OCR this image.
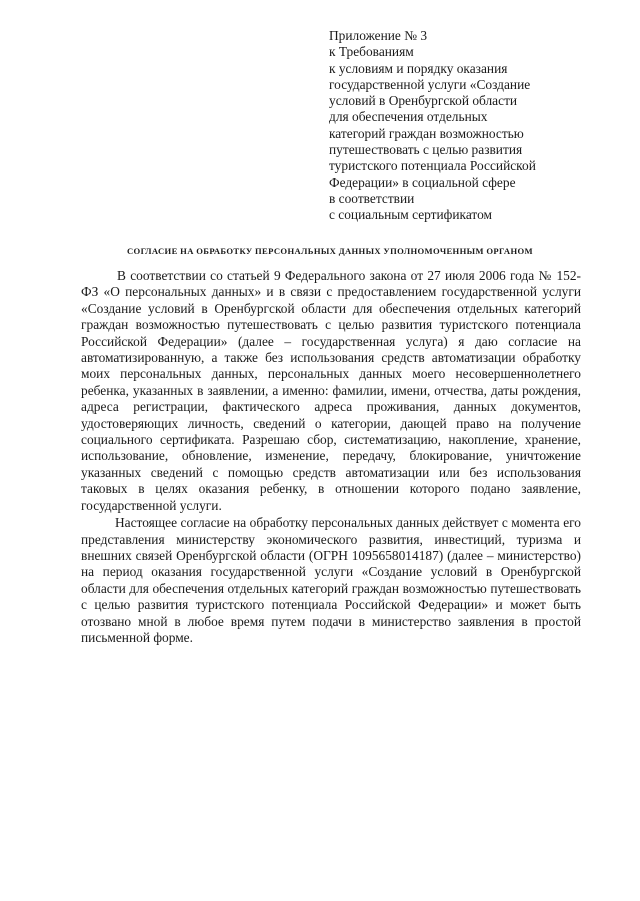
Приложение № 3
к Требованиям
к условиям и порядку оказания
государственной услуги «Создание
условий в Оренбургской области
для обеспечения отдельных
категорий граждан возможностью
путешествовать с целью развития
туристского потенциала Российской
Федерации» в социальной сфере
в соответствии
с социальным сертификатом
СОГЛАСИЕ НА ОБРАБОТКУ ПЕРСОНАЛЬНЫХ ДАННЫХ УПОЛНОМОЧЕННЫМ ОРГАНОМ

В соответствии со статьей 9 Федерального закона от 27 июля 2006 года № 152-ФЗ «О персональных данных» и в связи с предоставлением государственной услуги «Создание условий в Оренбургской области для обеспечения отдельных категорий граждан возможностью путешествовать с целью развития туристского потенциала Российской Федерации» (далее – государственная услуга) я даю согласие на автоматизированную, а также без использования средств автоматизации обработку моих персональных данных, персональных данных моего несовершеннолетнего ребенка, указанных в заявлении, а именно: фамилии, имени, отчества, даты рождения, адреса регистрации, фактического адреса проживания, данных документов, удостоверяющих личность, сведений о категории, дающей право на получение социального сертификата. Разрешаю сбор, систематизацию, накопление, хранение, использование, обновление, изменение, передачу, блокирование, уничтожение указанных сведений с помощью средств автоматизации или без использования таковых в целях оказания ребенку, в отношении которого подано заявление, государственной услуги.

Настоящее согласие на обработку персональных данных действует с момента его представления министерству экономического развития, инвестиций, туризма и внешних связей Оренбургской области (ОГРН 1095658014187) (далее – министерство) на период оказания государственной услуги «Создание условий в Оренбургской области для обеспечения отдельных категорий граждан возможностью путешествовать с целью развития туристского потенциала Российской Федерации» и может быть отозвано мной в любое время путем подачи в министерство заявления в простой письменной форме.
